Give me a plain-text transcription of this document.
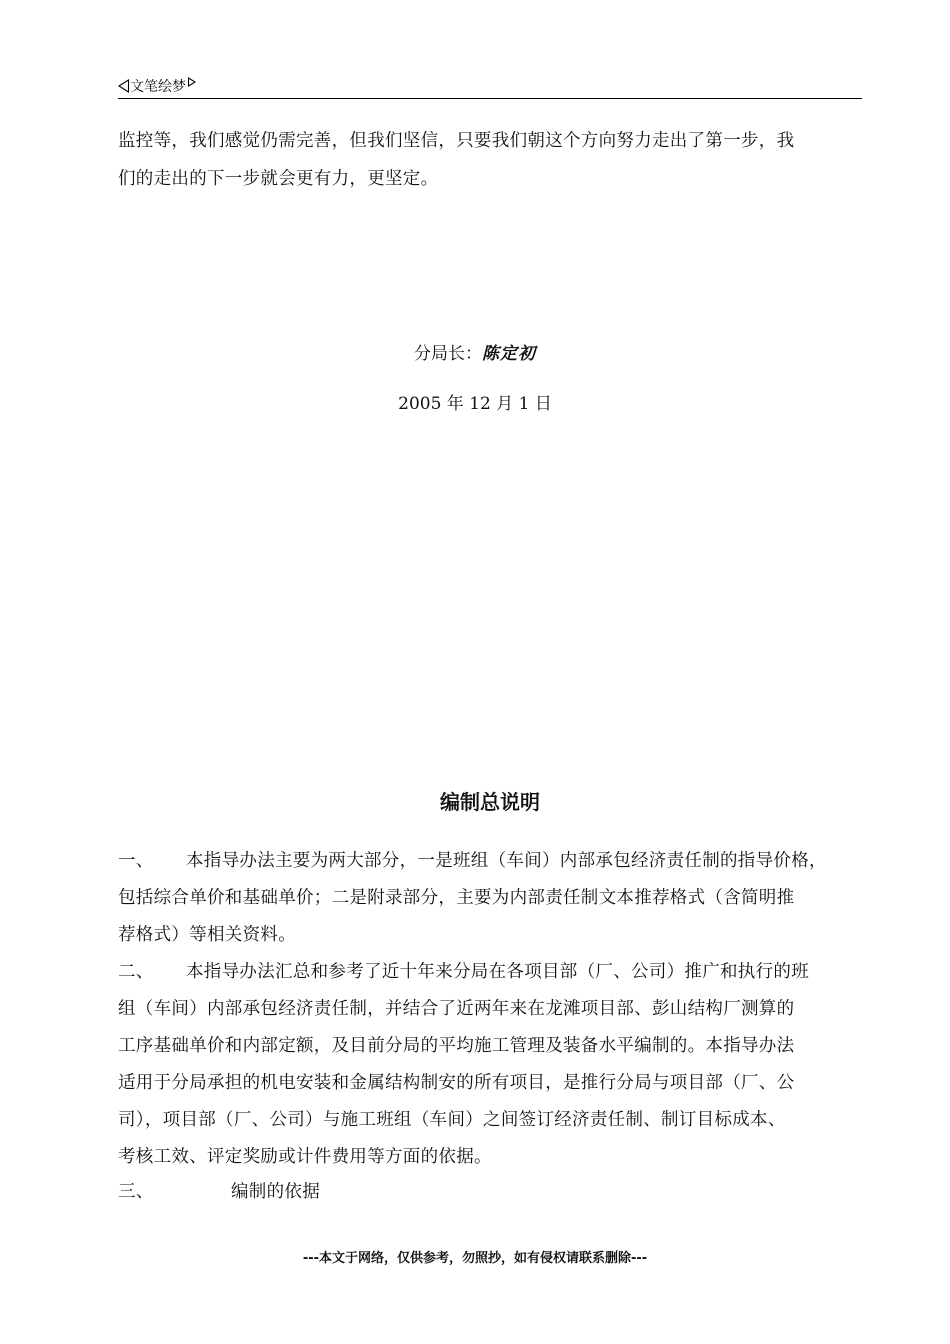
文笔绘梦
监控等，我们感觉仍需完善，但我们坚信，只要我们朝这个方向努力走出了第一步，我
们的走出的下一步就会更有力，更坚定。
分局长：陈定初
2005 年 12 月 1 日
编制总说明
一、 本指导办法主要为两大部分，一是班组（车间）内部承包经济责任制的指导价格，
包括综合单价和基础单价；二是附录部分，主要为内部责任制文本推荐格式（含简明推
荐格式）等相关资料。
二、 本指导办法汇总和参考了近十年来分局在各项目部（厂、公司）推广和执行的班
组（车间）内部承包经济责任制，并结合了近两年来在龙滩项目部、彭山结构厂测算的
工序基础单价和内部定额，及目前分局的平均施工管理及装备水平编制的。本指导办法
适用于分局承担的机电安装和金属结构制安的所有项目，是推行分局与项目部（厂、公
司），项目部（厂、公司）与施工班组（车间）之间签订经济责任制、制订目标成本、
考核工效、评定奖励或计件费用等方面的依据。
三、	编制的依据
---本文于网络，仅供参考，勿照抄，如有侵权请联系删除---
